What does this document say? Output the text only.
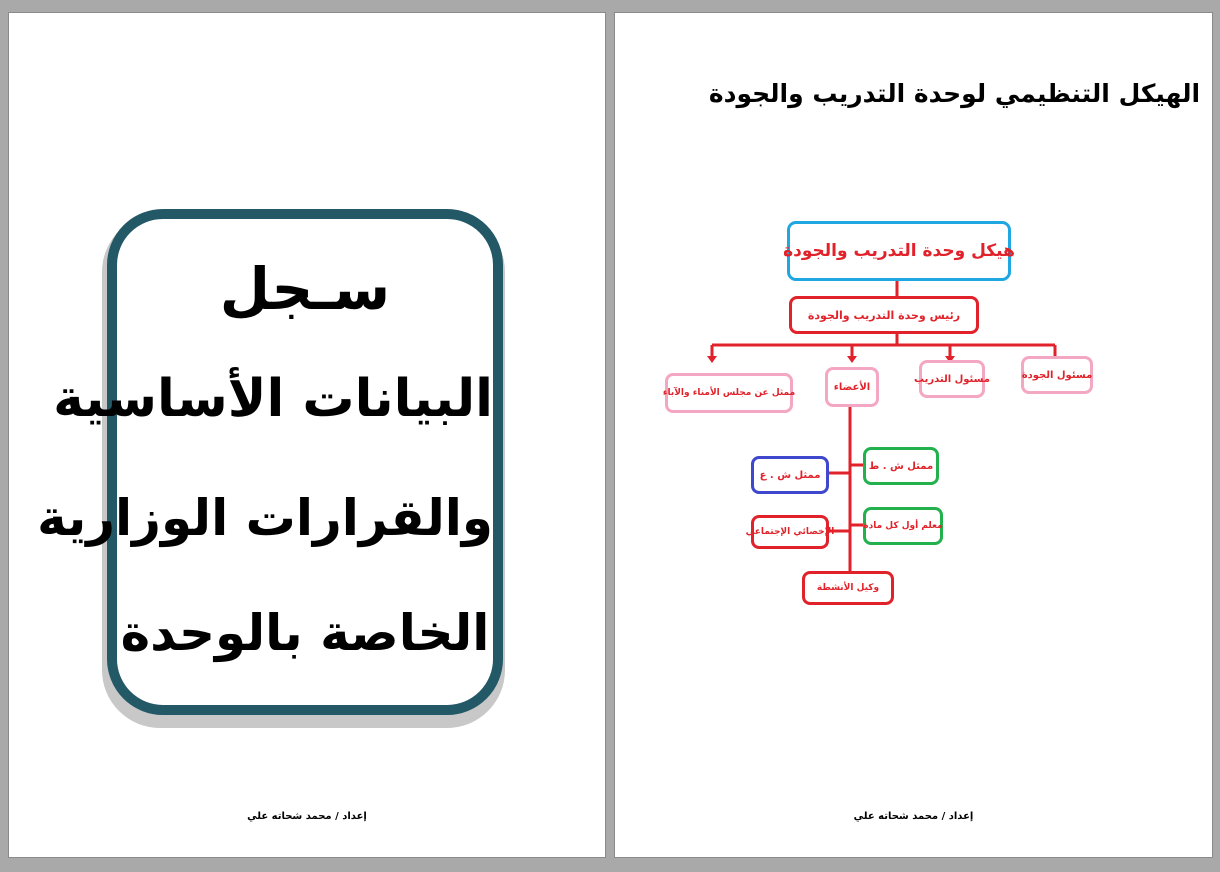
سـجل
البيانات الأساسية
والقرارات الوزارية
الخاصة بالوحدة
إعداد / محمد شحاته علي
الهيكل التنظيمي لوحدة التدريب والجودة
هيكل وحدة التدريب والجودة
رئيس وحدة التدريب والجودة
مسئول الجودة
مسئول التدريب
الأعضاء
ممثل عن مجلس الأمناء والآباء
ممثل ش . ط
ممثل ش . ع
معلم أول كل مادة
الإخصائي الإجتماعي
وكيل الأنشطة
إعداد / محمد شحاته علي
